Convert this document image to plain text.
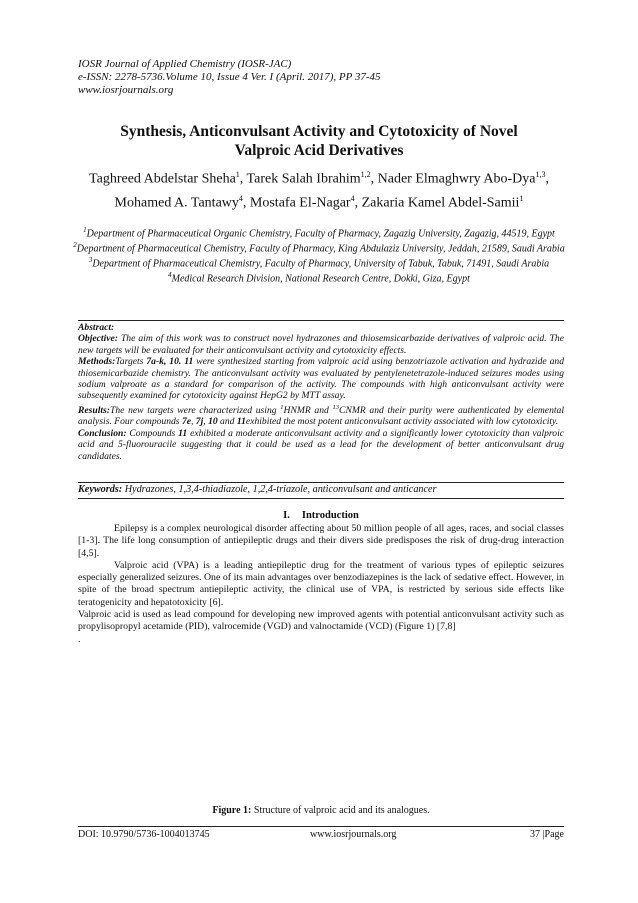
IOSR Journal of Applied Chemistry (IOSR-JAC)
e-ISSN: 2278-5736.Volume 10, Issue 4 Ver. I (April. 2017), PP 37-45
www.iosrjournals.org
Synthesis, Anticonvulsant Activity and Cytotoxicity of Novel
Valproic Acid Derivatives
Taghreed Abdelstar Sheha$^1$, Tarek Salah Ibrahim$^{1,2}$, Nader Elmaghwry Abo-Dya$^{1,3}$, Mohamed A. Tantawy$^4$, Mostafa El-Nagar$^4$, Zakaria Kamel Abdel-Samii$^1$
$^1$Department of Pharmaceutical Organic Chemistry, Faculty of Pharmacy, Zagazig University, Zagazig, 44519, Egypt
$^2$Department of Pharmaceutical Chemistry, Faculty of Pharmacy, King Abdulaziz University, Jeddah, 21589, Saudi Arabia
$^3$Department of Pharmaceutical Chemistry, Faculty of Pharmacy, University of Tabuk, Tabuk, 71491, Saudi Arabia
$^4$Medical Research Division, National Research Centre, Dokki, Giza, Egypt

Abstract:

Objective: The aim of this work was to construct novel hydrazones and thiosemsicarbazide derivatives of valproic acid. The new targets will be evaluated for their anticonvulsant activity and cytotoxicity effects.

Methods:Targets 7a-k, 10. 11 were synthesized starting from valproic acid using benzotriazole activation and hydrazide and thiosemicarbazide chemistry. The anticonvulsant activity was evaluated by pentylenetetrazole-induced seizures modes using sodium valproate as a standard for comparison of the activity. The compounds with high anticonvulsant activity were subsequently examined for cytotoxicity against HepG2 by MTT assay.

Results:The new targets were characterized using $^1$HNMR and $^{13}$CNMR and their purity were authenticated by elemental analysis. Four compounds 7e, 7j, 10 and 11exhibited the most potent anticonvulsant activity associated with low cytotoxicity.

Conclusion: Compounds 11 exhibited a moderate anticonvulsant activity and a significantly lower cytotoxicity than valproic acid and 5-fluorouracile suggesting that it could be used as a lead for the development of better anticonvulsant drug candidates.

Keywords: Hydrazones, 1,3,4-thiadiazole, 1,2,4-triazole, anticonvulsant and anticancer
I. Introduction

Epilepsy is a complex neurological disorder affecting about 50 million people of all ages, races, and social classes [1-3]. The life long consumption of antiepileptic drugs and their divers side predisposes the risk of drug-drug interaction [4,5].

Valproic acid (VPA) is a leading antiepileptic drug for the treatment of various types of epileptic seizures especially generalized seizures. One of its main advantages over benzodiazepines is the lack of sedative effect. However, in spite of the broad spectrum antiepileptic activity, the clinical use of VPA, is restricted by serious side effects like teratogenicity and hepatotoxicity [6].

Valproic acid is used as lead compound for developing new improved agents with potential anticonvulsant activity such as propylisopropyl acetamide (PID), valrocemide (VGD) and valnoctamide (VCD) (Figure 1) [7,8]

.

Figure 1: Structure of valproic acid and its analogues.
DOI: 10.9790/5736-1004013745	www.iosrjournals.org	37 |Page
